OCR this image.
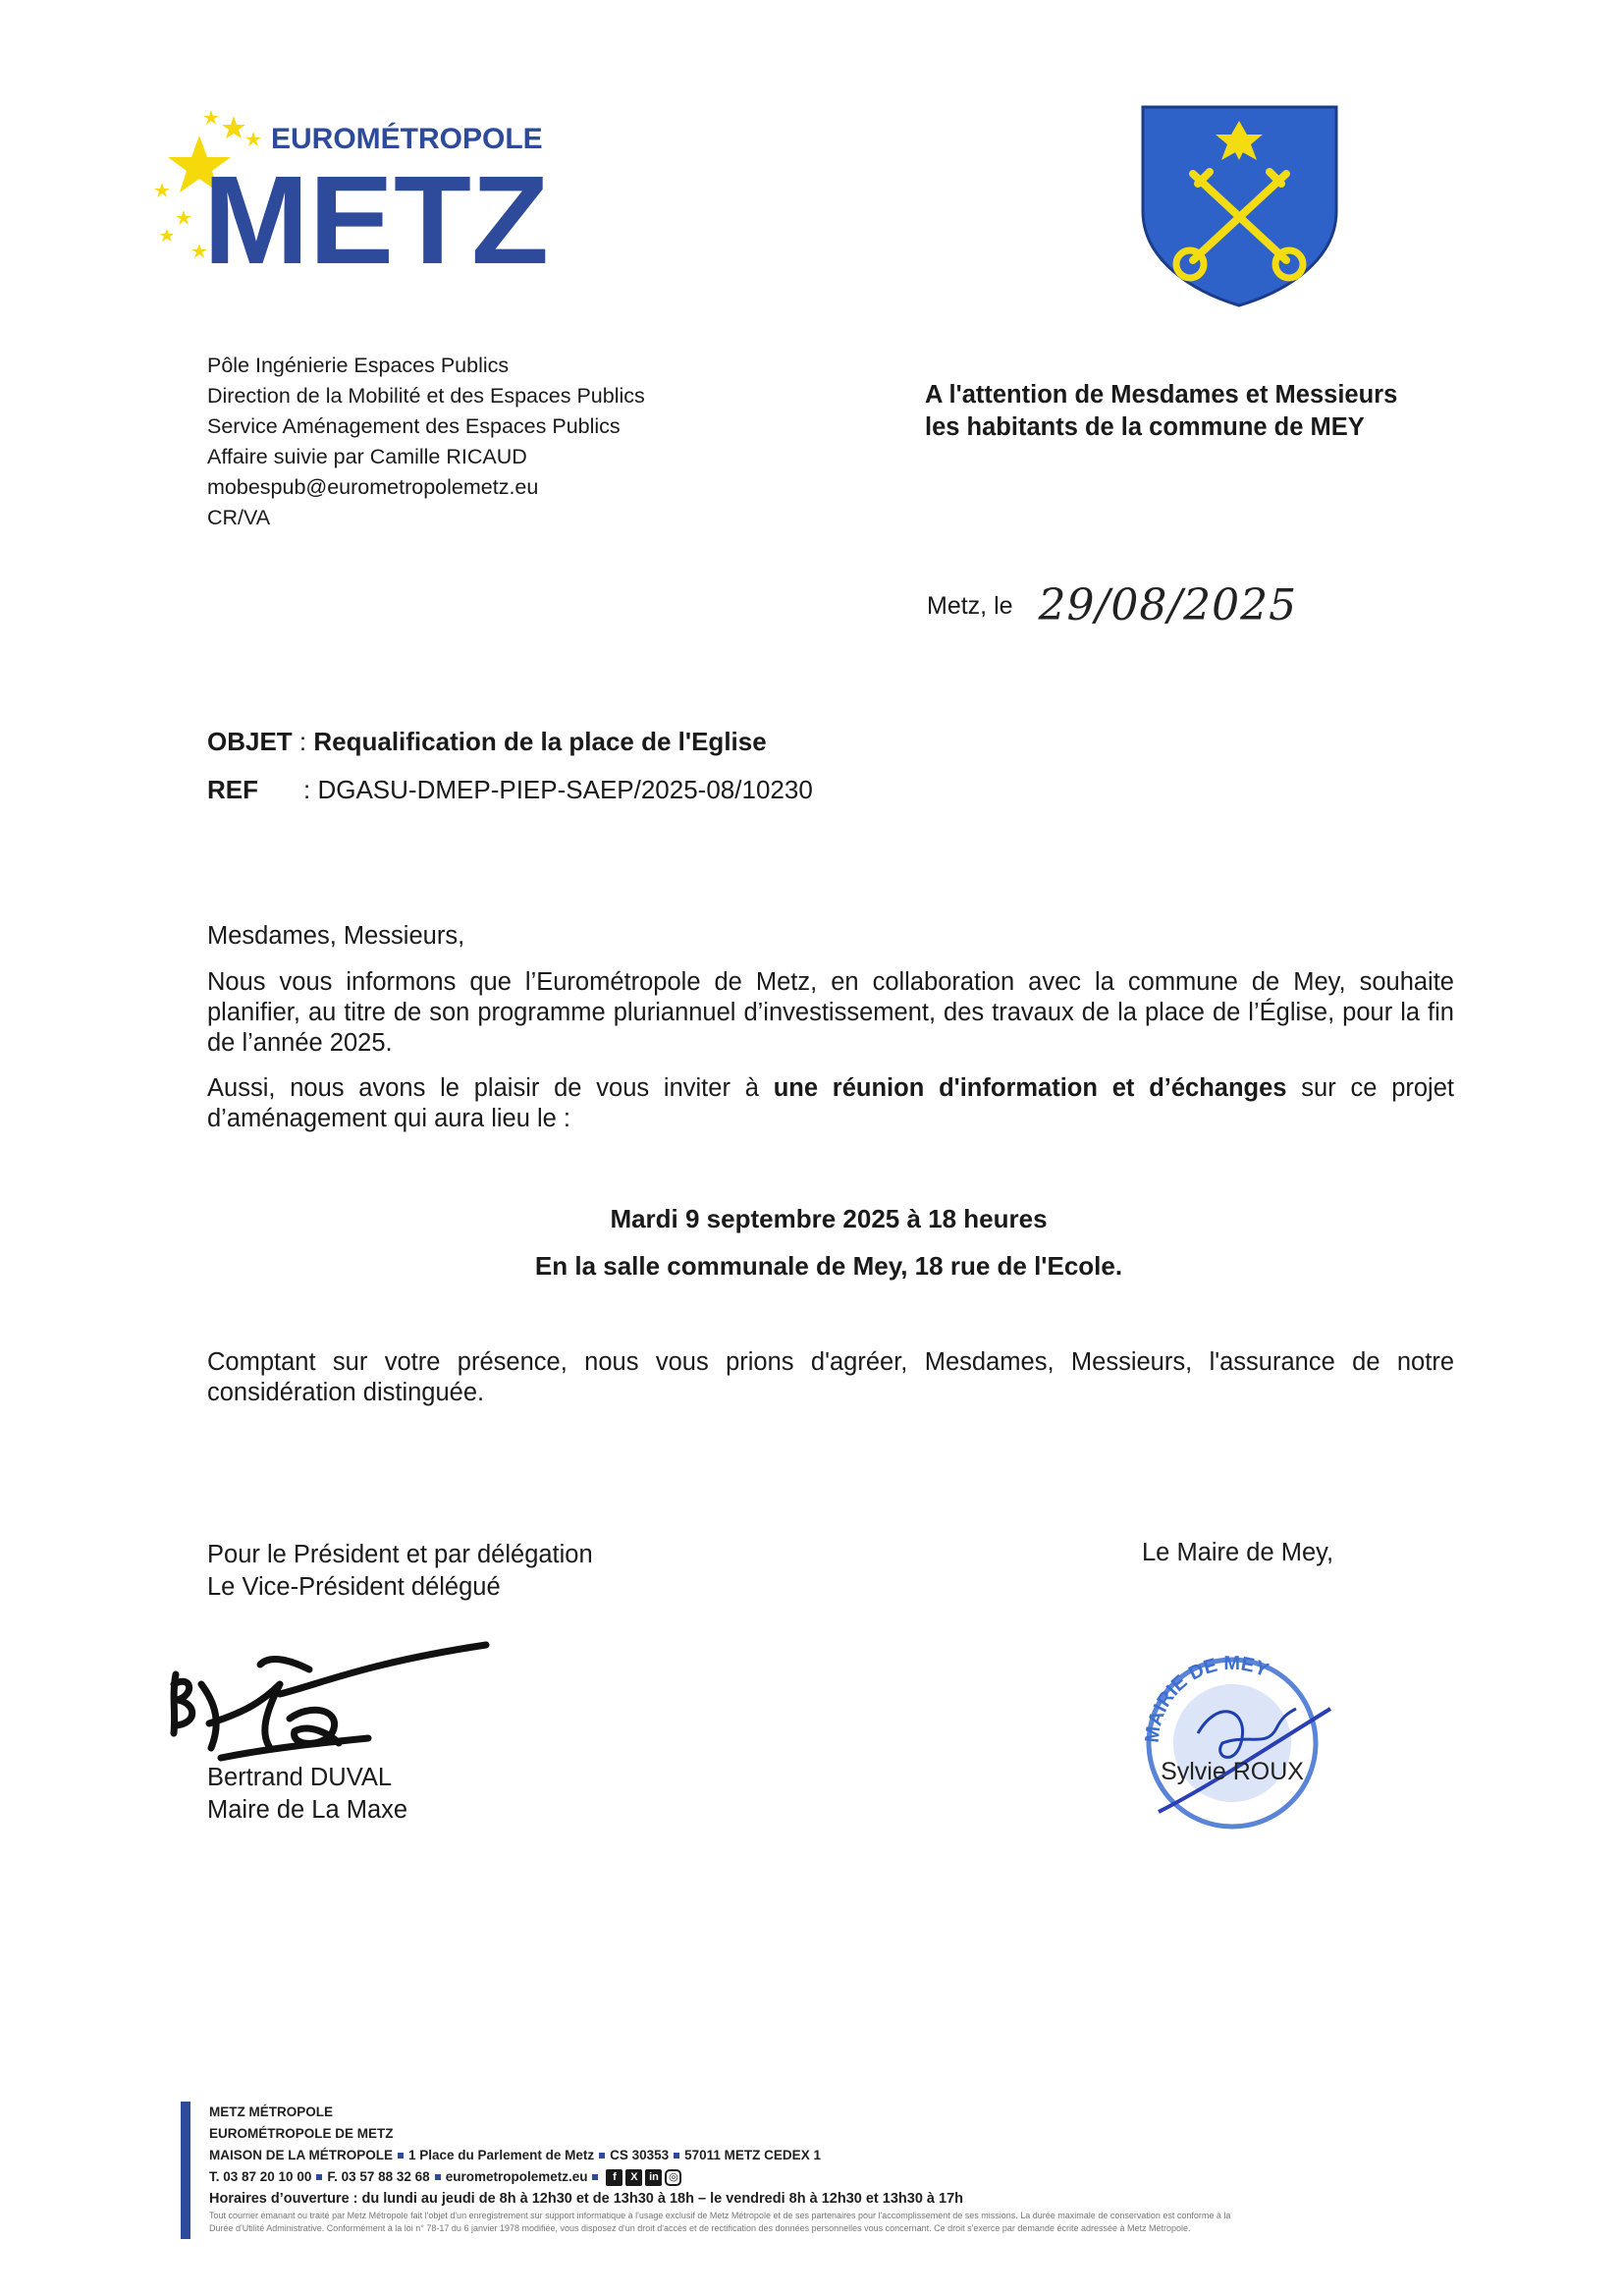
EUROMÉTROPOLE
METZ
Pôle Ingénierie Espaces Publics
Direction de la Mobilité et des Espaces Publics
Service Aménagement des Espaces Publics
Affaire suivie par Camille RICAUD
mobespub@eurometropolemetz.eu
CR/VA
A l'attention de Mesdames et Messieurs
les habitants de la commune de MEY
Metz, le 29/08/2025
OBJET : Requalification de la place de l'Eglise
REF : DGASU-DMEP-PIEP-SAEP/2025-08/10230

Mesdames, Messieurs,

Nous vous informons que l’Eurométropole de Metz, en collaboration avec la commune de Mey, souhaite planifier, au titre de son programme pluriannuel d’investissement, des travaux de la place de l’Église, pour la fin de l’année 2025.

Aussi, nous avons le plaisir de vous inviter à une réunion d'information et d’échanges sur ce projet d’aménagement qui aura lieu le :

Mardi 9 septembre 2025 à 18 heures
En la salle communale de Mey, 18 rue de l'Ecole.
Comptant sur votre présence, nous vous prions d'agréer, Mesdames, Messieurs, l'assurance de notre considération distinguée.
Pour le Président et par délégation
Le Vice-Président délégué
Le Maire de Mey,
Bertrand DUVAL
Maire de La Maxe
MAIRIE DE MEY
Sylvie ROUX
METZ MÉTROPOLE
EUROMÉTROPOLE DE METZ
MAISON DE LA MÉTROPOLE 1 Place du Parlement de Metz CS 30353 57011 METZ CEDEX 1
T. 03 87 20 10 00 F. 03 57 88 32 68 eurometropolemetz.eu f X in ◎
Horaires d’ouverture : du lundi au jeudi de 8h à 12h30 et de 13h30 à 18h – le vendredi 8h à 12h30 et 13h30 à 17h
Tout courrier émanant ou traité par Metz Métropole fait l'objet d'un enregistrement sur support informatique à l'usage exclusif de Metz Métropole et de ses partenaires pour l'accomplissement de ses missions. La durée maximale de conservation est conforme à la
Durée d'Utilité Administrative. Conformément à la loi n° 78-17 du 6 janvier 1978 modifiée, vous disposez d'un droit d'accès et de rectification des données personnelles vous concernant. Ce droit s'exerce par demande écrite adressée à Metz Métropole.
